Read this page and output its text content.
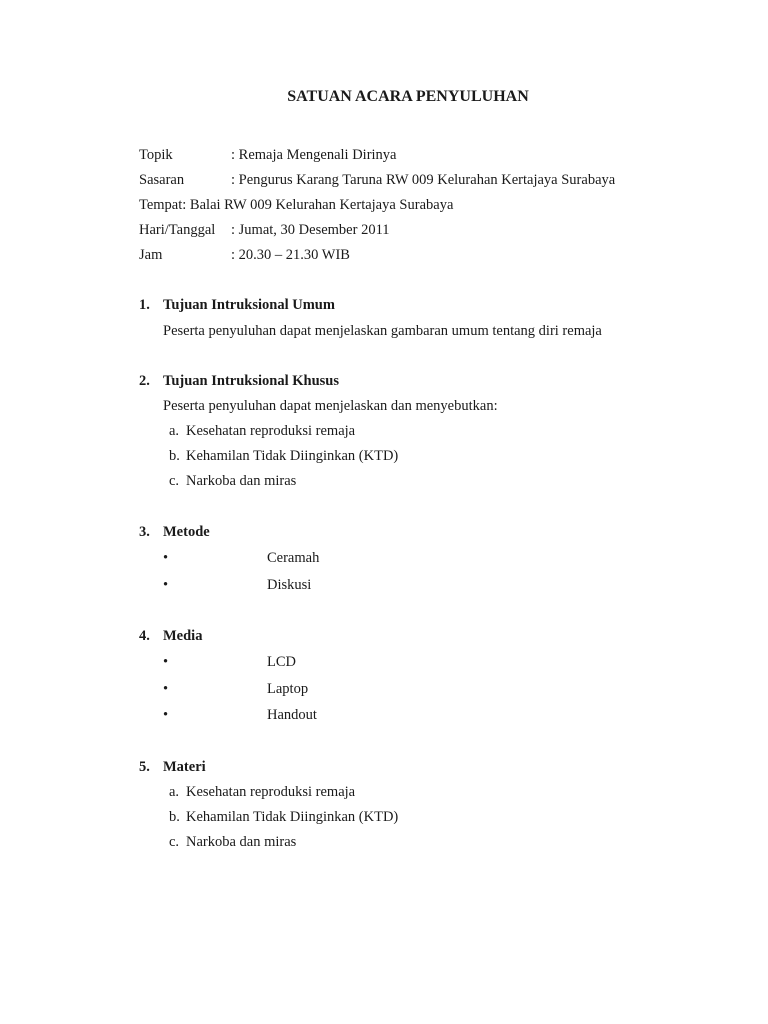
SATUAN ACARA PENYULUHAN
Topik	: Remaja Mengenali Dirinya
Sasaran	: Pengurus Karang Taruna RW 009 Kelurahan Kertajaya Surabaya
Tempat: Balai RW 009 Kelurahan Kertajaya Surabaya
Hari/Tanggal : Jumat, 30 Desember 2011
Jam	: 20.30 – 21.30 WIB
1. Tujuan Intruksional Umum
Peserta penyuluhan dapat menjelaskan gambaran umum tentang diri remaja
2. Tujuan Intruksional Khusus
Peserta penyuluhan dapat menjelaskan dan menyebutkan:
a. Kesehatan reproduksi remaja
b. Kehamilan Tidak Diinginkan (KTD)
c. Narkoba dan miras
3. Metode
•	Ceramah
•	Diskusi
4. Media
•	LCD
•	Laptop
•	Handout
5. Materi
a. Kesehatan reproduksi remaja
b. Kehamilan Tidak Diinginkan (KTD)
c. Narkoba dan miras
